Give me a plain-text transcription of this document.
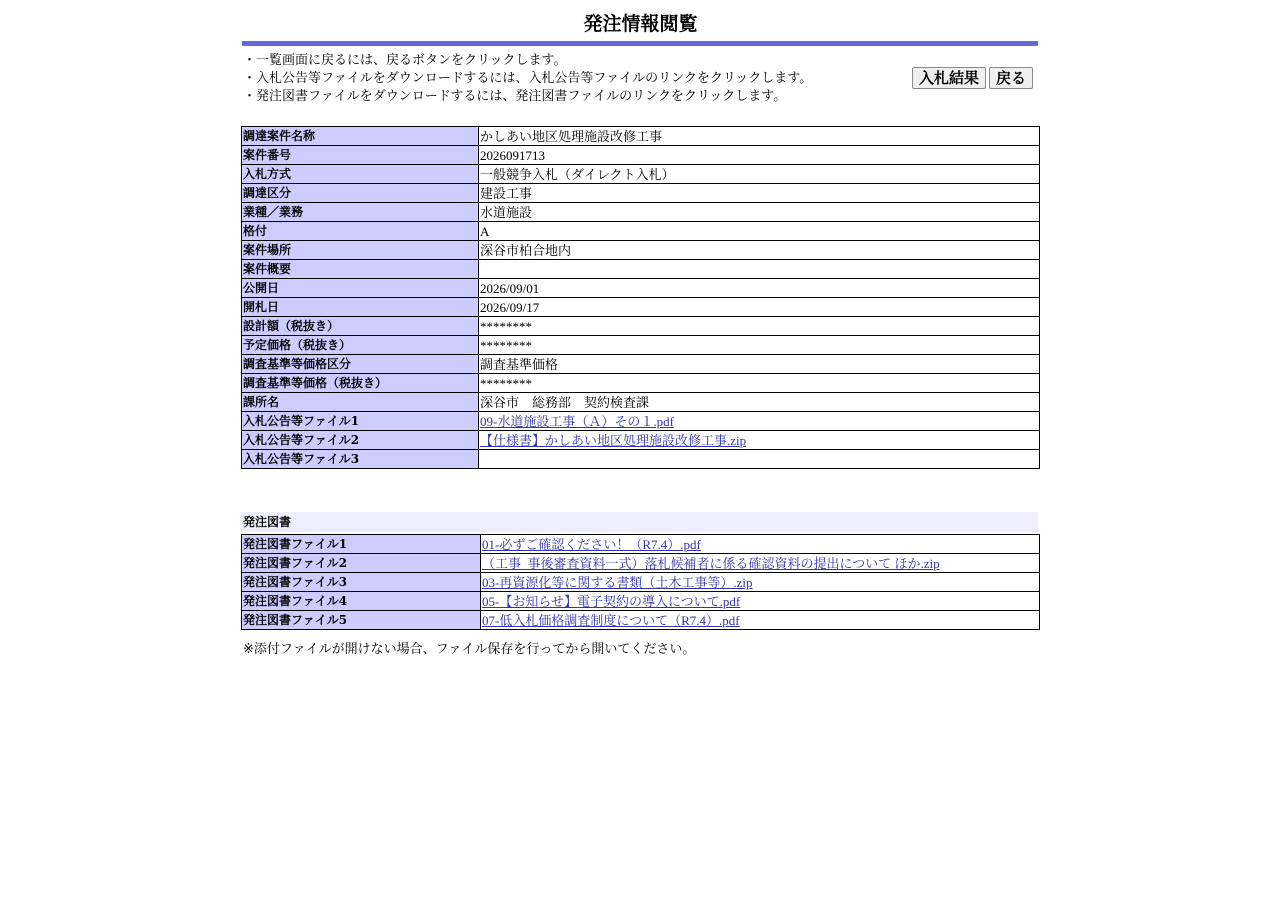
発注情報閲覧
・一覧画面に戻るには、戻るボタンをクリックします。
・入札公告等ファイルをダウンロードするには、入札公告等ファイルのリンクをクリックします。
・発注図書ファイルをダウンロードするには、発注図書ファイルのリンクをクリックします。
入札結果 戻る
調達案件名称	かしあい地区処理施設改修工事
案件番号	2026091713
入札方式	一般競争入札（ダイレクト入札）
調達区分	建設工事
業種／業務	水道施設
格付	A
案件場所	深谷市柏合地内
案件概要	
公開日	2026/09/01
開札日	2026/09/17
設計額（税抜き）	********
予定価格（税抜き）	********
調査基準等価格区分	調査基準価格
調査基準等価格（税抜き）	********
課所名	深谷市　総務部　契約検査課
入札公告等ファイル1	09-水道施設工事（Ａ）その１.pdf
入札公告等ファイル2	【仕様書】かしあい地区処理施設改修工事.zip
入札公告等ファイル3	
発注図書
発注図書ファイル1	01-必ずご確認ください！（R7.4）.pdf
発注図書ファイル2	（工事_事後審査資料一式）落札候補者に係る確認資料の提出について ほか.zip
発注図書ファイル3	03-再資源化等に関する書類（土木工事等）.zip
発注図書ファイル4	05-【お知らせ】電子契約の導入について.pdf
発注図書ファイル5	07-低入札価格調査制度について（R7.4）.pdf
※添付ファイルが開けない場合、ファイル保存を行ってから開いてください。
